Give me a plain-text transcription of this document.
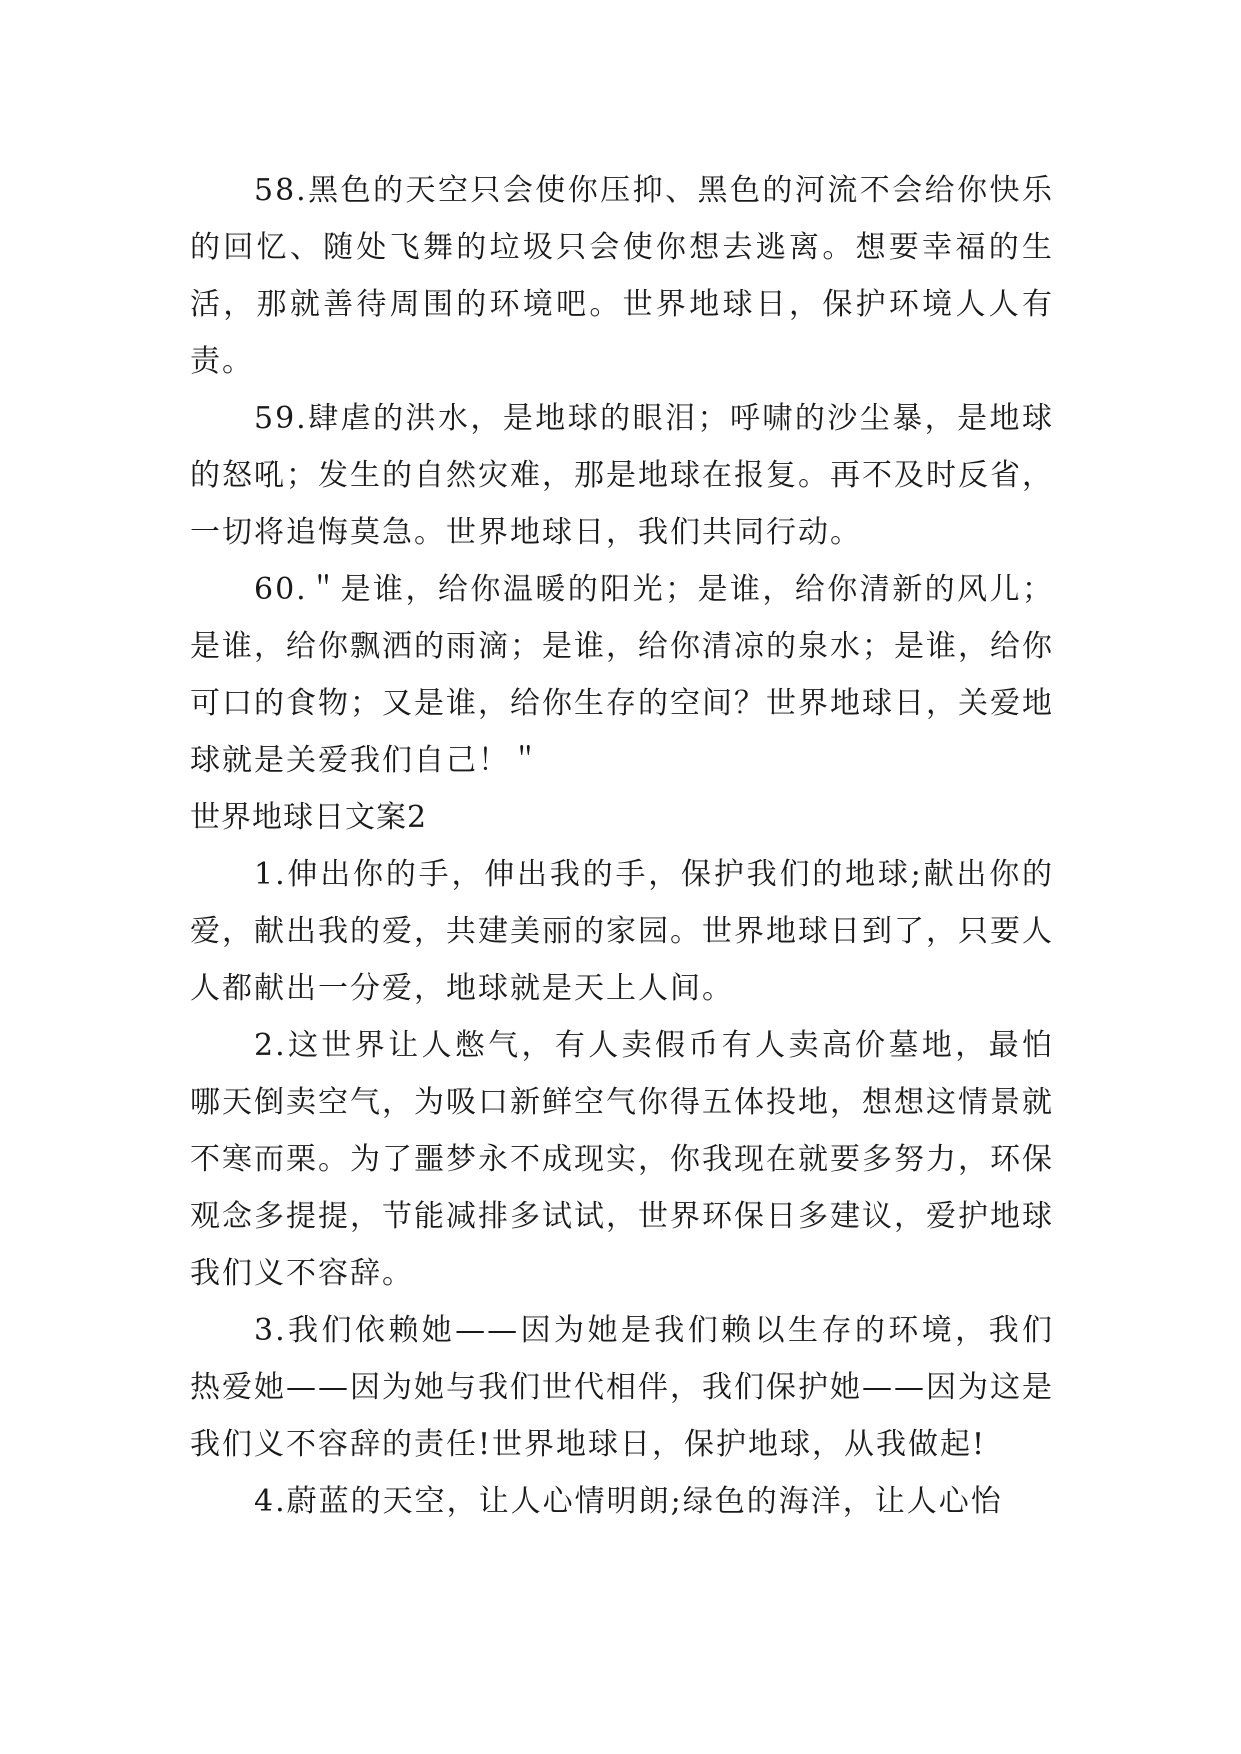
58.黑色的天空只会使你压抑、黑色的河流不会给你快乐的回忆、随处飞舞的垃圾只会使你想去逃离。想要幸福的生活，那就善待周围的环境吧。世界地球日，保护环境人人有责。

59.肆虐的洪水，是地球的眼泪；呼啸的沙尘暴，是地球的怒吼；发生的自然灾难，那是地球在报复。再不及时反省，一切将追悔莫急。世界地球日，我们共同行动。

60.＂是谁，给你温暖的阳光；是谁，给你清新的风儿；是谁，给你飘洒的雨滴；是谁，给你清凉的泉水；是谁，给你可口的食物；又是谁，给你生存的空间？世界地球日，关爱地球就是关爱我们自己！＂

世界地球日文案2

1.伸出你的手，伸出我的手，保护我们的地球;献出你的爱，献出我的爱，共建美丽的家园。世界地球日到了，只要人人都献出一分爱，地球就是天上人间。

2.这世界让人憋气，有人卖假币有人卖高价墓地，最怕哪天倒卖空气，为吸口新鲜空气你得五体投地，想想这情景就不寒而栗。为了噩梦永不成现实，你我现在就要多努力，环保观念多提提，节能减排多试试，世界环保日多建议，爱护地球我们义不容辞。

3.我们依赖她——因为她是我们赖以生存的环境，我们热爱她——因为她与我们世代相伴，我们保护她——因为这是我们义不容辞的责任!世界地球日，保护地球，从我做起!

4.蔚蓝的天空，让人心情明朗;绿色的海洋，让人心怡
